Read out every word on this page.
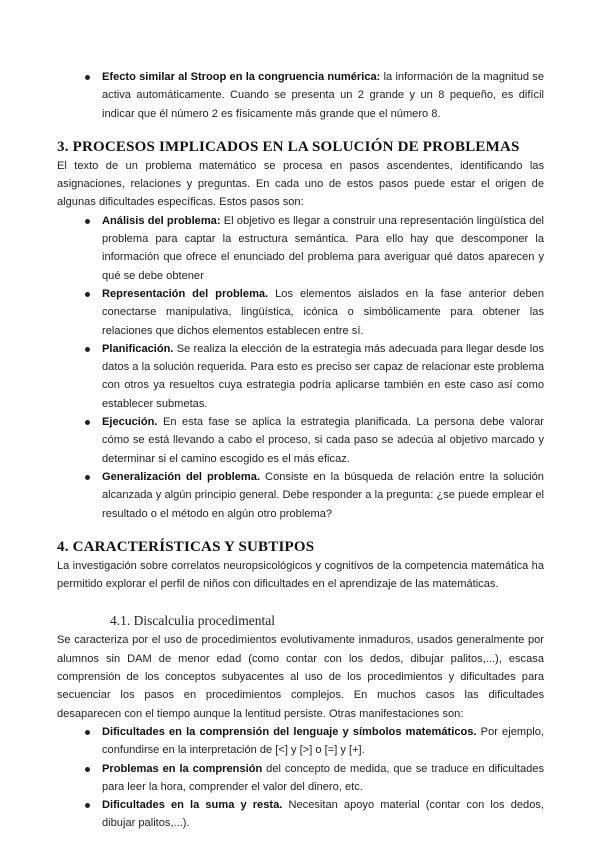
Efecto similar al Stroop en la congruencia numérica: la información de la magnitud se activa automáticamente. Cuando se presenta un 2 grande y un 8 pequeño, es difícil indicar que él número 2 es físicamente más grande que el número 8.
3. PROCESOS IMPLICADOS EN LA SOLUCIÓN DE PROBLEMAS

El texto de un problema matemático se procesa en pasos ascendentes, identificando las asignaciones, relaciones y preguntas. En cada uno de estos pasos puede estar el origen de algunas dificultades específicas. Estos pasos son:

Análisis del problema: El objetivo es llegar a construir una representación lingüística del problema para captar la estructura semántica. Para ello hay que descomponer la información que ofrece el enunciado del problema para averiguar qué datos aparecen y qué se debe obtener
Representación del problema. Los elementos aislados en la fase anterior deben conectarse manipulativa, lingüística, icónica o simbólicamente para obtener las relaciones que dichos elementos establecen entre sí.
Planificación. Se realiza la elección de la estrategia más adecuada para llegar desde los datos a la solución requerida. Para esto es preciso ser capaz de relacionar este problema con otros ya resueltos cuya estrategia podría aplicarse también en este caso así como establecer submetas.
Ejecución. En esta fase se aplica la estrategia planificada. La persona debe valorar cómo se está llevando a cabo el proceso, si cada paso se adecúa al objetivo marcado y determinar si el camino escogido es el más eficaz.
Generalización del problema. Consiste en la búsqueda de relación entre la solución alcanzada y algún principio general. Debe responder a la pregunta: ¿se puede emplear el resultado o el método en algún otro problema?
4. CARACTERÍSTICAS Y SUBTIPOS

La investigación sobre correlatos neuropsicológicos y cognitivos de la competencia matemática ha permitido explorar el perfil de niños con dificultades en el aprendizaje de las matemáticas.

4.1. Discalculia procedimental

Se caracteriza por el uso de procedimientos evolutivamente inmaduros, usados generalmente por alumnos sin DAM de menor edad (como contar con los dedos, dibujar palitos,...), escasa comprensión de los conceptos subyacentes al uso de los procedimientos y dificultades para secuenciar los pasos en procedimientos complejos. En muchos casos las dificultades desaparecen con el tiempo aunque la lentitud persiste. Otras manifestaciones son:

Dificultades en la comprensión del lenguaje y símbolos matemáticos. Por ejemplo, confundirse en la interpretación de [<] y [>] o [=] y [+].
Problemas en la comprensión del concepto de medida, que se traduce en dificultades para leer la hora, comprender el valor del dinero, etc.
Dificultades en la suma y resta. Necesitan apoyo material (contar con los dedos, dibujar palitos,...).
